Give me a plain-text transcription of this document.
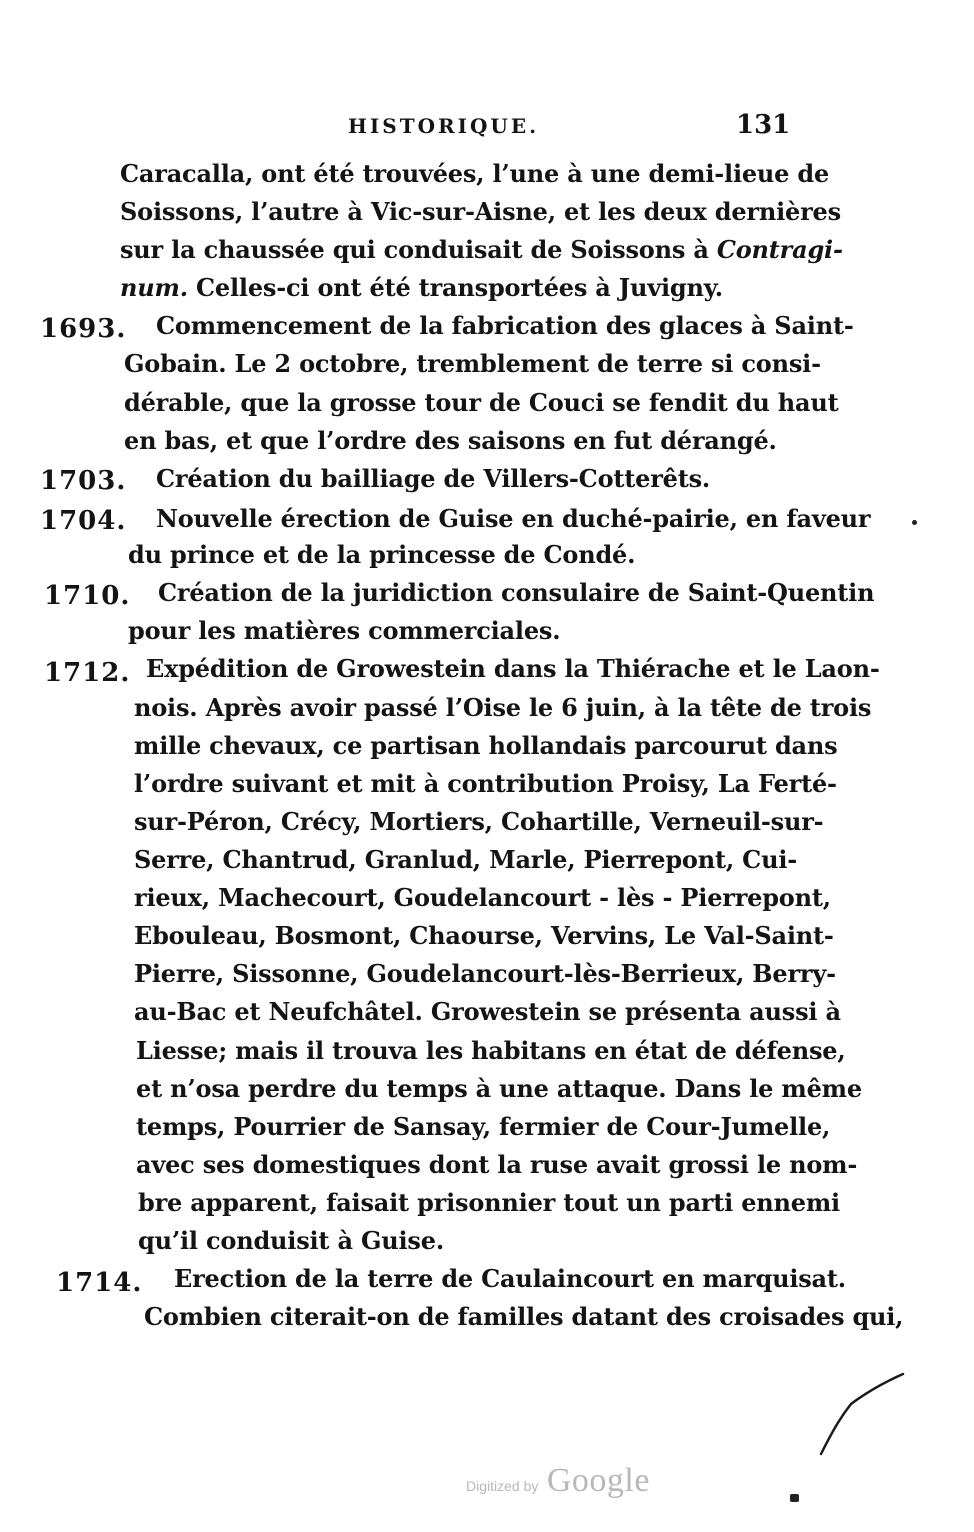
HISTORIQUE.	131
Caracalla, ont été trouvées, l’une à une demi-lieue de
Soissons, l’autre à Vic-sur-Aisne, et les deux dernières
sur la chaussée qui conduisait de Soissons à Contragi-
num. Celles-ci ont été transportées à Juvigny.
1693. Commencement de la fabrication des glaces à Saint-
Gobain. Le 2 octobre, tremblement de terre si consi-
dérable, que la grosse tour de Couci se fendit du haut
en bas, et que l’ordre des saisons en fut dérangé.
1703. Création du bailliage de Villers-Cotterêts.
1704. Nouvelle érection de Guise en duché-pairie, en faveur
du prince et de la princesse de Condé.
1710. Création de la juridiction consulaire de Saint-Quentin
pour les matières commerciales.
1712. Expédition de Growestein dans la Thiérache et le Laon-
nois. Après avoir passé l’Oise le 6 juin, à la tête de trois
mille chevaux, ce partisan hollandais parcourut dans
l’ordre suivant et mit à contribution Proisy, La Ferté-
sur-Péron, Crécy, Mortiers, Cohartille, Verneuil-sur-
Serre, Chantrud, Granlud, Marle, Pierrepont, Cui-
rieux, Machecourt, Goudelancourt - lès - Pierrepont,
Ebouleau, Bosmont, Chaourse, Vervins, Le Val-Saint-
Pierre, Sissonne, Goudelancourt-lès-Berrieux, Berry-
au-Bac et Neufchâtel. Growestein se présenta aussi à
Liesse; mais il trouva les habitans en état de défense,
et n’osa perdre du temps à une attaque. Dans le même
temps, Pourrier de Sansay, fermier de Cour-Jumelle,
avec ses domestiques dont la ruse avait grossi le nom-
bre apparent, faisait prisonnier tout un parti ennemi
qu’il conduisit à Guise.
1714. Erection de la terre de Caulaincourt en marquisat.
Combien citerait-on de familles datant des croisades qui,
Digitized by Google
